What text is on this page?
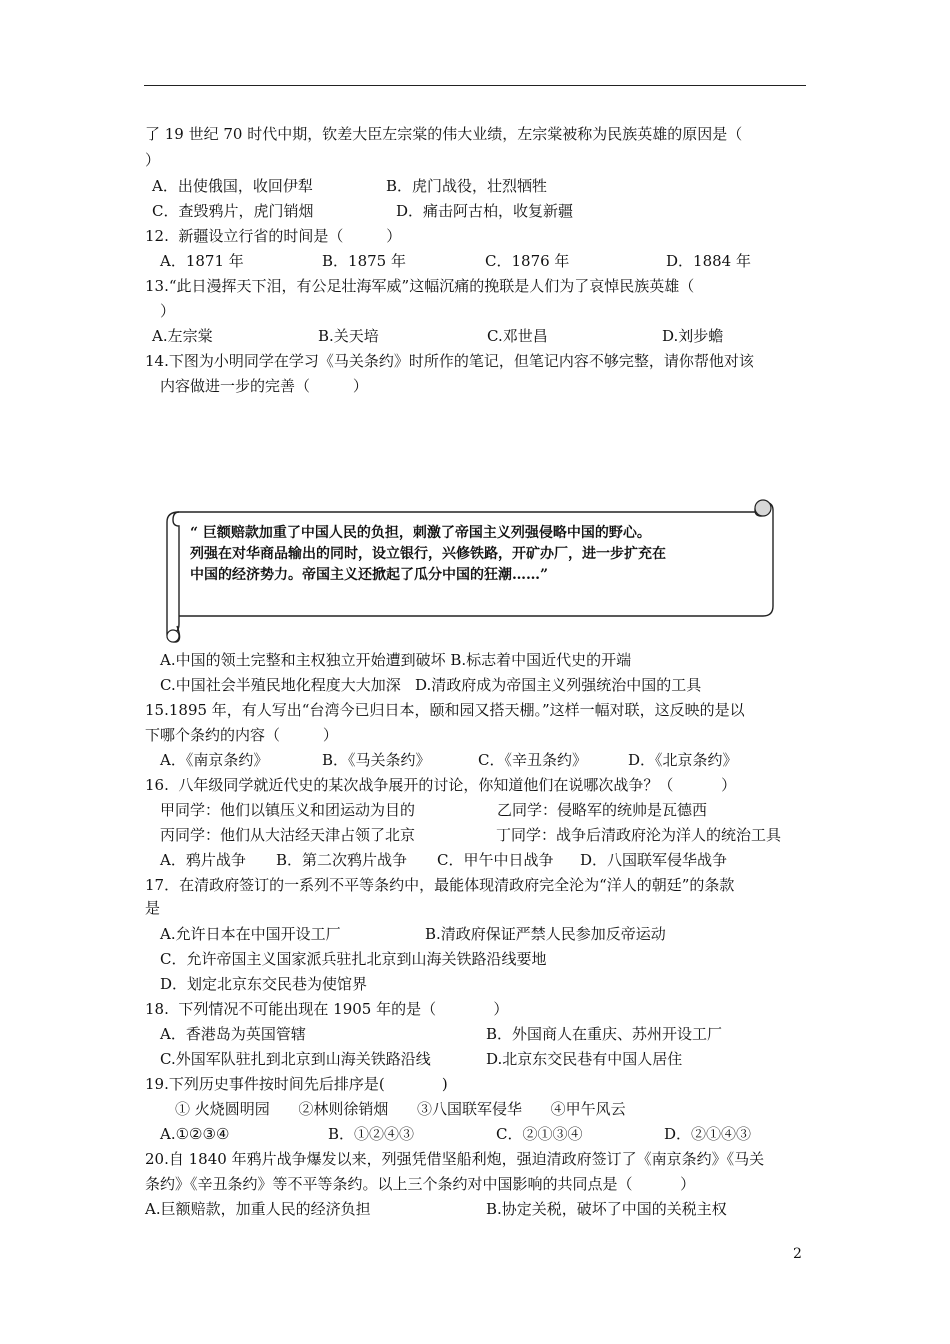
了 19 世纪 70 时代中期，钦差大臣左宗棠的伟大业绩，左宗棠被称为民族英雄的原因是（
）
A．出使俄国，收回伊犁	B．虎门战役，壮烈牺牲
C．查毁鸦片，虎门销烟	D．痛击阿古柏，收复新疆
12.  新疆设立行省的时间是（         ）
A．1871 年	B．1875 年	C．1876 年	D．1884 年
13.“此日漫挥天下泪，有公足壮海军威”这幅沉痛的挽联是人们为了哀悼民族英雄（
）
A.左宗棠	B.关天培	C.邓世昌	D.刘步蟾
14.下图为小明同学在学习《马关条约》时所作的笔记，但笔记内容不够完整，请你帮他对该
内容做进一步的完善（         ）
“ 巨额赔款加重了中国人民的负担，刺激了帝国主义列强侵略中国的野心。
列强在对华商品输出的同时，设立银行，兴修铁路，开矿办厂，进一步扩充在
中国的经济势力。帝国主义还掀起了瓜分中国的狂潮……”
A.中国的领土完整和主权独立开始遭到破坏 B.标志着中国近代史的开端
C.中国社会半殖民地化程度大大加深   D.清政府成为帝国主义列强统治中国的工具
15.1895 年，有人写出“台湾今已归日本，颐和园又搭天棚。”这样一幅对联，这反映的是以
下哪个条约的内容（         ）
A．《南京条约》	B．《马关条约》	C．《辛丑条约》	D．《北京条约》
16.  八年级同学就近代史的某次战争展开的讨论，你知道他们在说哪次战争？（          ）
甲同学：他们以镇压义和团运动为目的	乙同学：侵略军的统帅是瓦德西
丙同学：他们从大沽经天津占领了北京	丁同学：战争后清政府沦为洋人的统治工具
A．鸦片战争 B．第二次鸦片战争 C．甲午中日战争 D．八国联军侵华战争
17．在清政府签订的一系列不平等条约中，最能体现清政府完全沦为“洋人的朝廷”的条款
是
A.允许日本在中国开设工厂	B.清政府保证严禁人民参加反帝运动
C．允许帝国主义国家派兵驻扎北京到山海关铁路沿线要地
D．划定北京东交民巷为使馆界
18.  下列情况不可能出现在 1905 年的是（            ）
A．香港岛为英国管辖	B．外国商人在重庆、苏州开设工厂
C.外国军队驻扎到北京到山海关铁路沿线	D.北京东交民巷有中国人居住
19.下列历史事件按时间先后排序是(            )
① 火烧圆明园      ②林则徐销烟      ③八国联军侵华      ④甲午风云
A.①②③④	B．①②④③	C．②①③④	D．②①④③
20.自 1840 年鸦片战争爆发以来，列强凭借坚船利炮，强迫清政府签订了《南京条约》《马关
条约》《辛丑条约》等不平等条约。以上三个条约对中国影响的共同点是（          ）
A.巨额赔款，加重人民的经济负担	B.协定关税，破坏了中国的关税主权
2
